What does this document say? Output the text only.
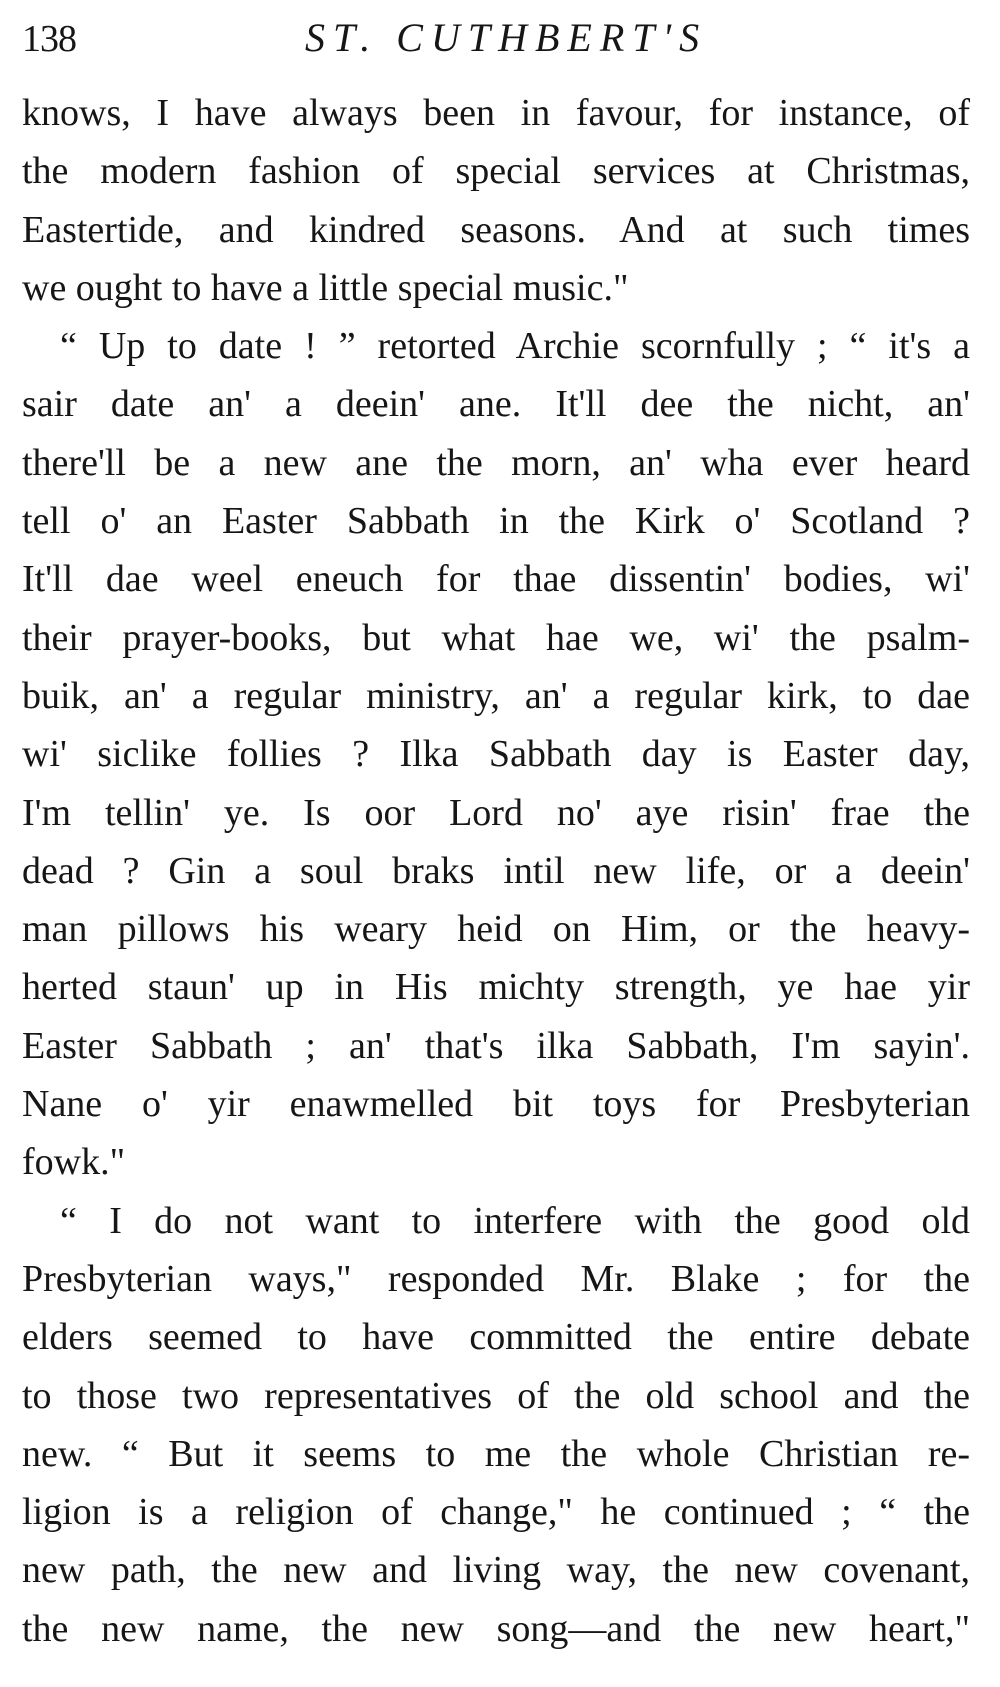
138	ST. CUTHBERT'S
knows, I have always been in favour, for instance, of
the modern fashion of special services at Christmas,
Eastertide, and kindred seasons. And at such times
we ought to have a little special music."
“ Up to date ! ” retorted Archie scornfully ; “ it's a
sair date an' a deein' ane. It'll dee the nicht, an'
there'll be a new ane the morn, an' wha ever heard
tell o' an Easter Sabbath in the Kirk o' Scotland ?
It'll dae weel eneuch for thae dissentin' bodies, wi'
their prayer-books, but what hae we, wi' the psalm-
buik, an' a regular ministry, an' a regular kirk, to dae
wi' siclike follies ? Ilka Sabbath day is Easter day,
I'm tellin' ye. Is oor Lord no' aye risin' frae the
dead ? Gin a soul braks intil new life, or a deein'
man pillows his weary heid on Him, or the heavy-
herted staun' up in His michty strength, ye hae yir
Easter Sabbath ; an' that's ilka Sabbath, I'm sayin'.
Nane o' yir enawmelled bit toys for Presbyterian
fowk."
“ I do not want to interfere with the good old
Presbyterian ways," responded Mr. Blake ; for the
elders seemed to have committed the entire debate
to those two representatives of the old school and the
new. “ But it seems to me the whole Christian re-
ligion is a religion of change," he continued ; “ the
new path, the new and living way, the new covenant,
the new name, the new song—and the new heart,"
